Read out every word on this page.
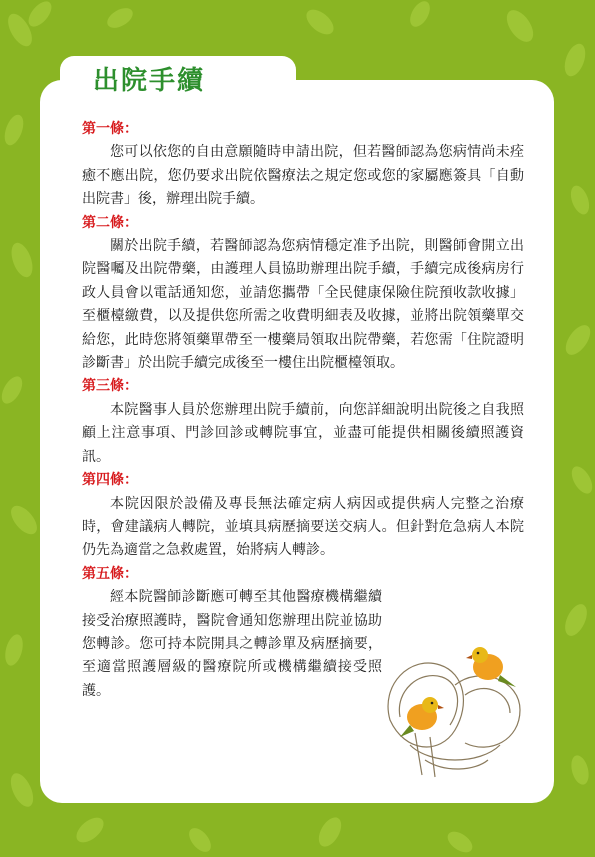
出院手續
第一條：

您可以依您的自由意願隨時申請出院，但若醫師認為您病情尚未痊癒不應出院，您仍要求出院依醫療法之規定您或您的家屬應簽具「自動出院書」後，辦理出院手續。

第二條：

關於出院手續，若醫師認為您病情穩定准予出院，則醫師會開立出院醫囑及出院帶藥，由護理人員協助辦理出院手續，手續完成後病房行政人員會以電話通知您，並請您攜帶「全民健康保險住院預收款收據」至櫃檯繳費，以及提供您所需之收費明細表及收據，並將出院領藥單交給您，此時您將領藥單帶至一樓藥局領取出院帶藥，若您需「住院證明診斷書」於出院手續完成後至一樓住出院櫃檯領取。

第三條：

本院醫事人員於您辦理出院手續前，向您詳細說明出院後之自我照顧上注意事項、門診回診或轉院事宜，並盡可能提供相關後續照護資訊。

第四條：

本院因限於設備及專長無法確定病人病因或提供病人完整之治療時，會建議病人轉院，並填具病歷摘要送交病人。但針對危急病人本院仍先為適當之急救處置，始將病人轉診。

第五條：

經本院醫師診斷應可轉至其他醫療機構繼續接受治療照護時，醫院會通知您辦理出院並協助您轉診。您可持本院開具之轉診單及病歷摘要，至適當照護層級的醫療院所或機構繼續接受照護。
